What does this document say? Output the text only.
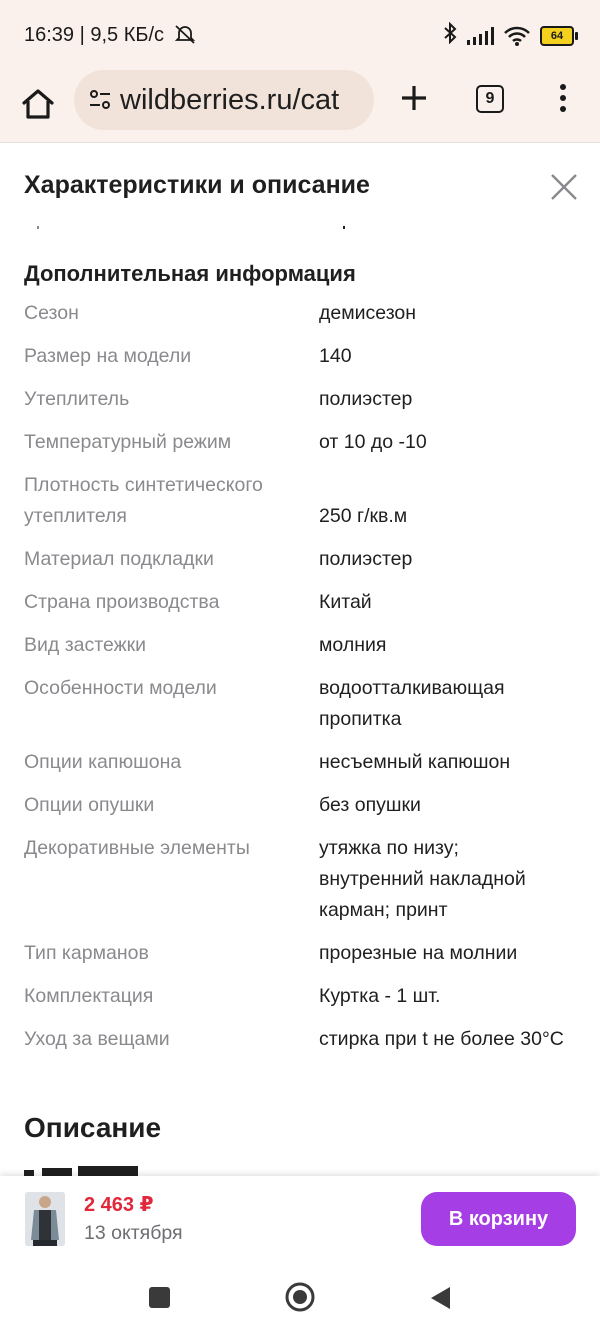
16:39 | 9,5 КБ/с	64
wildberries.ru/cat	9
Характеристики и описание
Дополнительная информация
Сезон	демисезон
Размер на модели	140
Утеплитель	полиэстер
Температурный режим	от 10 до -10
Плотность синтетического утеплителя	250 г/кв.м
Материал подкладки	полиэстер
Страна производства	Китай
Вид застежки	молния
Особенности модели	водоотталкивающая пропитка
Опции капюшона	несъемный капюшон
Опции опушки	без опушки
Декоративные элементы	утяжка по низу; внутренний накладной карман; принт
Тип карманов	прорезные на молнии
Комплектация	Куртка - 1 шт.
Уход за вещами	стирка при t не более 30°C
Описание
2 463 ₽
13 октября
В корзину
